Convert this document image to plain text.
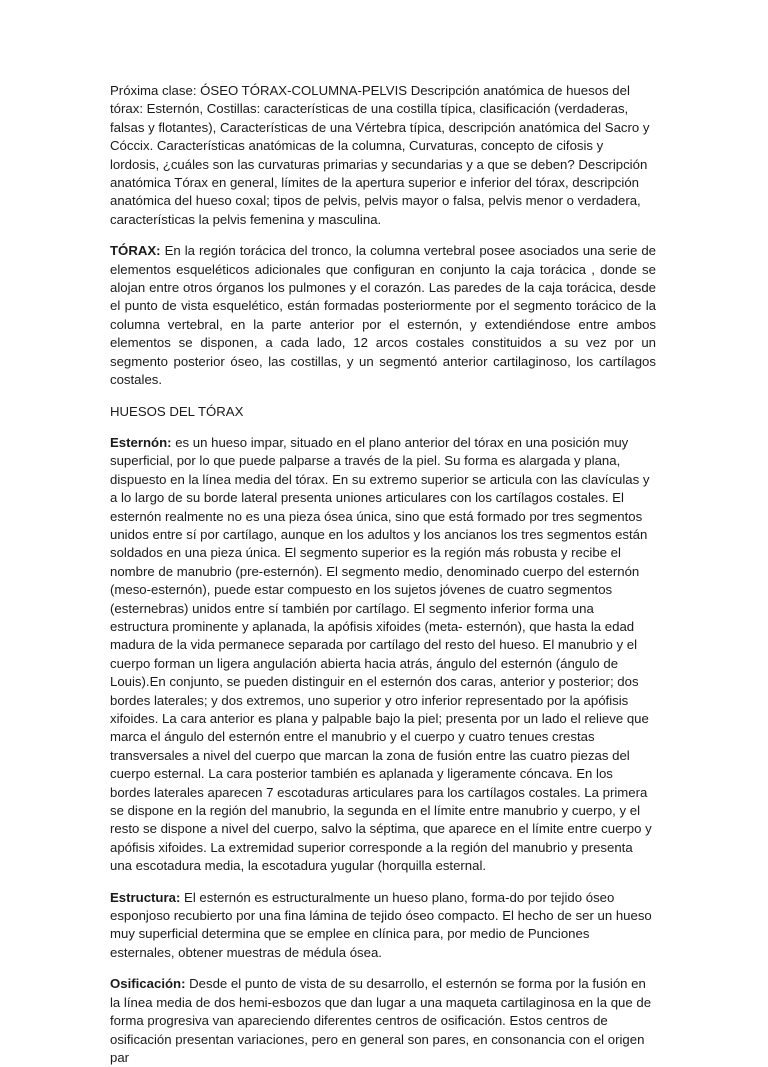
Próxima clase: ÓSEO TÓRAX-COLUMNA-PELVIS Descripción anatómica de huesos del tórax: Esternón, Costillas: características de una costilla típica, clasificación (verdaderas, falsas y flotantes), Características de una Vértebra típica, descripción anatómica del Sacro y Cóccix. Características anatómicas de la columna, Curvaturas, concepto de cifosis y lordosis, ¿cuáles son las curvaturas primarias y secundarias y a que se deben? Descripción anatómica Tórax en general, límites de la apertura superior e inferior del tórax, descripción anatómica del hueso coxal; tipos de pelvis, pelvis mayor o falsa, pelvis menor o verdadera, características la pelvis femenina y masculina.

TÓRAX: En la región torácica del tronco, la columna vertebral posee asociados una serie de elementos esqueléticos adicionales que configuran en conjunto la caja torácica , donde se alojan entre otros órganos los pulmones y el corazón. Las paredes de la caja torácica, desde el punto de vista esquelético, están formadas posteriormente por el segmento torácico de la columna vertebral, en la parte anterior por el esternón, y extendiéndose entre ambos elementos se disponen, a cada lado, 12 arcos costales constituidos a su vez por un segmento posterior óseo, las costillas, y un segmentó anterior cartilaginoso, los cartílagos costales.

HUESOS DEL TÓRAX

Esternón: es un hueso impar, situado en el plano anterior del tórax en una posición muy superficial, por lo que puede palparse a través de la piel. Su forma es alargada y plana, dispuesto en la línea media del tórax. En su extremo superior se articula con las clavículas y a lo largo de su borde lateral presenta uniones articulares con los cartílagos costales. El esternón realmente no es una pieza ósea única, sino que está formado por tres segmentos unidos entre sí por cartílago, aunque en los adultos y los ancianos los tres segmentos están soldados en una pieza única. El segmento superior es la región más robusta y recibe el nombre de manubrio (pre-esternón). El segmento medio, denominado cuerpo del esternón (meso-esternón), puede estar compuesto en los sujetos jóvenes de cuatro segmentos (esternebras) unidos entre sí también por cartílago. El segmento inferior forma una estructura prominente y aplanada, la apófisis xifoides (meta- esternón), que hasta la edad madura de la vida permanece separada por cartílago del resto del hueso. El manubrio y el cuerpo forman un ligera angulación abierta hacia atrás, ángulo del esternón (ángulo de Louis).En conjunto, se pueden distinguir en el esternón dos caras, anterior y posterior; dos bordes laterales; y dos extremos, uno superior y otro inferior representado por la apófisis xifoides. La cara anterior es plana y palpable bajo la piel; presenta por un lado el relieve que marca el ángulo del esternón entre el manubrio y el cuerpo y cuatro tenues crestas transversales a nivel del cuerpo que marcan la zona de fusión entre las cuatro piezas del cuerpo esternal. La cara posterior también es aplanada y ligeramente cóncava. En los bordes laterales aparecen 7 escotaduras articulares para los cartílagos costales. La primera se dispone en la región del manubrio, la segunda en el límite entre manubrio y cuerpo, y el resto se dispone a nivel del cuerpo, salvo la séptima, que aparece en el límite entre cuerpo y apófisis xifoides. La extremidad superior corresponde a la región del manubrio y presenta una escotadura media, la escotadura yugular (horquilla esternal.

Estructura: El esternón es estructuralmente un hueso plano, forma-do por tejido óseo esponjoso recubierto por una fina lámina de tejido óseo compacto. El hecho de ser un hueso muy superficial determina que se emplee en clínica para, por medio de Punciones esternales, obtener muestras de médula ósea.

Osificación: Desde el punto de vista de su desarrollo, el esternón se forma por la fusión en la línea media de dos hemi-esbozos que dan lugar a una maqueta cartilaginosa en la que de forma progresiva van apareciendo diferentes centros de osificación. Estos centros de osificación presentan variaciones, pero en general son pares, en consonancia con el origen par
